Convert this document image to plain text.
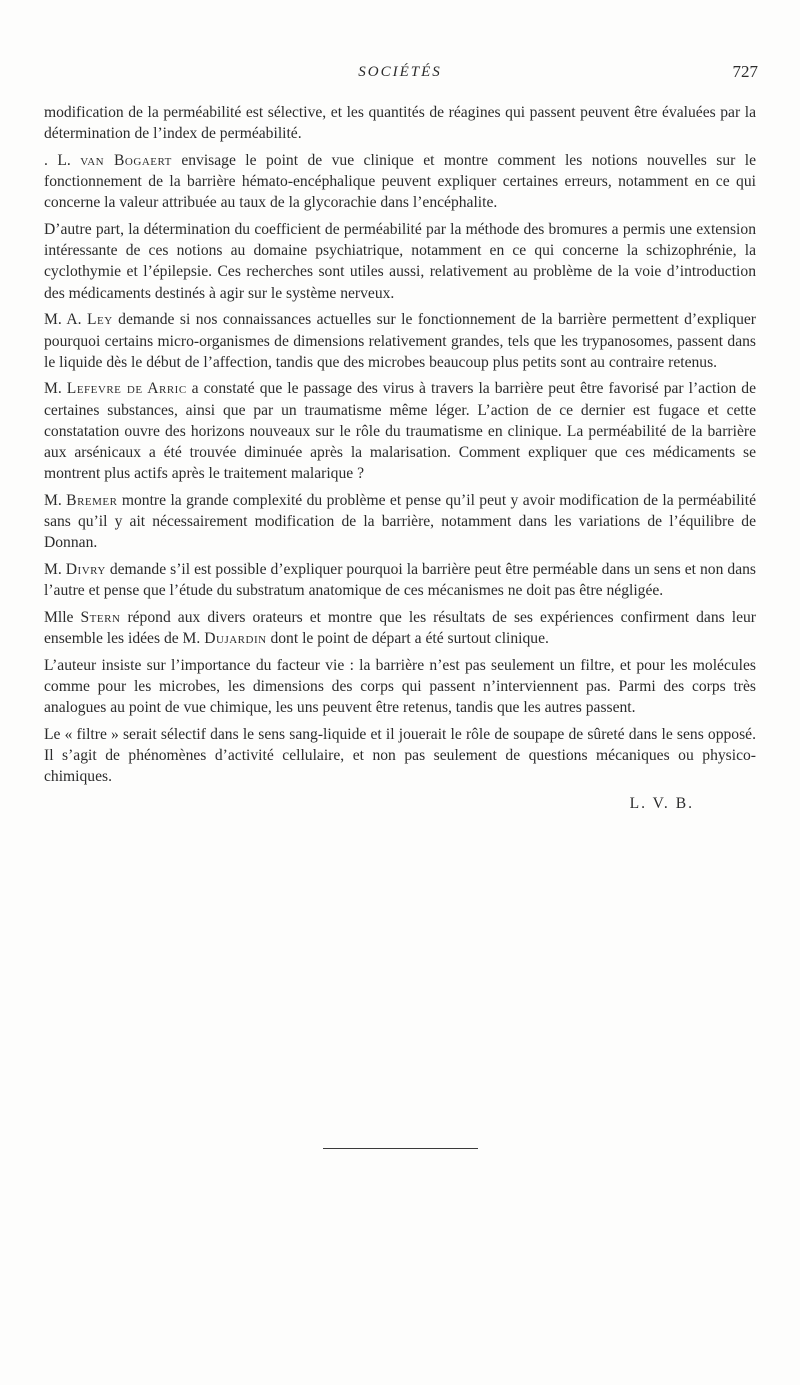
SOCIÉTÉS	727

modification de la perméabilité est sélective, et les quantités de réagines qui passent peuvent être évaluées par la détermination de l’index de perméabilité.

. L. van Bogaert envisage le point de vue clinique et montre comment les notions nouvelles sur le fonctionnement de la barrière hémato-encéphalique peuvent expliquer certaines erreurs, notamment en ce qui concerne la valeur attribuée au taux de la glycorachie dans l’encéphalite.

D’autre part, la détermination du coefficient de perméabilité par la méthode des bromures a permis une extension intéressante de ces notions au domaine psychiatrique, notamment en ce qui concerne la schizophrénie, la cyclothymie et l’épilepsie. Ces recherches sont utiles aussi, relativement au problème de la voie d’introduction des médicaments destinés à agir sur le système nerveux.

M. A. Ley demande si nos connaissances actuelles sur le fonctionnement de la barrière permettent d’expliquer pourquoi certains micro-organismes de dimensions relativement grandes, tels que les trypanosomes, passent dans le liquide dès le début de l’affection, tandis que des microbes beaucoup plus petits sont au contraire retenus.

M. Lefevre de Arric a constaté que le passage des virus à travers la barrière peut être favorisé par l’action de certaines substances, ainsi que par un traumatisme même léger. L’action de ce dernier est fugace et cette constatation ouvre des horizons nouveaux sur le rôle du traumatisme en clinique. La perméabilité de la barrière aux arsénicaux a été trouvée diminuée après la malarisation. Comment expliquer que ces médicaments se montrent plus actifs après le traitement malarique ?

M. Bremer montre la grande complexité du problème et pense qu’il peut y avoir modification de la perméabilité sans qu’il y ait nécessairement modification de la barrière, notamment dans les variations de l’équilibre de Donnan.

M. Divry demande s’il est possible d’expliquer pourquoi la barrière peut être perméable dans un sens et non dans l’autre et pense que l’étude du substratum anatomique de ces mécanismes ne doit pas être négligée.

Mlle Stern répond aux divers orateurs et montre que les résultats de ses expériences confirment dans leur ensemble les idées de M. Dujardin dont le point de départ a été surtout clinique.

L’auteur insiste sur l’importance du facteur vie : la barrière n’est pas seulement un filtre, et pour les molécules comme pour les microbes, les dimensions des corps qui passent n’interviennent pas. Parmi des corps très analogues au point de vue chimique, les uns peuvent être retenus, tandis que les autres passent.

Le « filtre » serait sélectif dans le sens sang-liquide et il jouerait le rôle de soupape de sûreté dans le sens opposé. Il s’agit de phénomènes d’activité cellulaire, et non pas seulement de questions mécaniques ou physico-chimiques.

L. V. B.
